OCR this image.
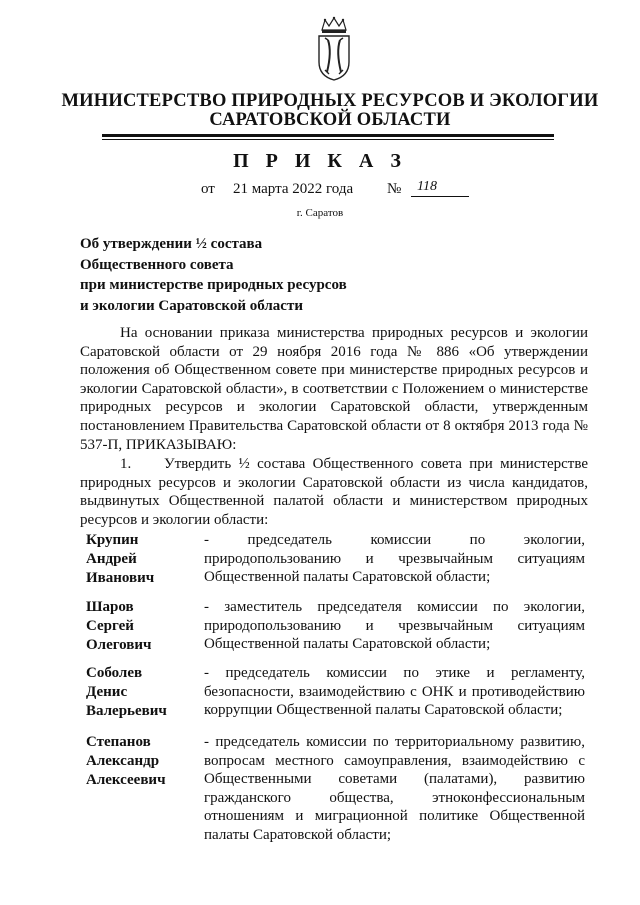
МИНИСТЕРСТВО ПРИРОДНЫХ РЕСУРСОВ И ЭКОЛОГИИ
САРАТОВСКОЙ ОБЛАСТИ
П Р И К А З
от 21 марта 2022 года №	118
г. Саратов
Об утверждении ½ состава
Общественного совета
при министерстве природных ресурсов
и экологии Саратовской области
На основании приказа министерства природных ресурсов и экологии Саратовской области от 29 ноября 2016 года № 886 «Об утверждении положения об Общественном совете при министерстве природных ресурсов и экологии Саратовской области», в соответствии с Положением о министерстве природных ресурсов и экологии Саратовской области, утвержденным постановлением Правительства Саратовской области от 8 октября 2013 года № 537-П, ПРИКАЗЫВАЮ:
1. Утвердить ½ состава Общественного совета при министерстве природных ресурсов и экологии Саратовской области из числа кандидатов, выдвинутых Общественной палатой области и министерством природных ресурсов и экологии области:
Крупин
Андрей
Иванович
- председатель комиссии по экологии, природопользованию и чрезвычайным ситуациям Общественной палаты Саратовской области;
Шаров
Сергей
Олегович
- заместитель председателя комиссии по экологии, природопользованию и чрезвычайным ситуациям Общественной палаты Саратовской области;
Соболев
Денис
Валерьевич
- председатель комиссии по этике и регламенту, безопасности, взаимодействию с ОНК и противодействию коррупции Общественной палаты Саратовской области;
Степанов
Александр
Алексеевич
- председатель комиссии по территориальному развитию, вопросам местного самоуправления, взаимодействию с Общественными советами (палатами), развитию гражданского общества, этноконфессиональным отношениям и миграционной политике Общественной палаты Саратовской области;
